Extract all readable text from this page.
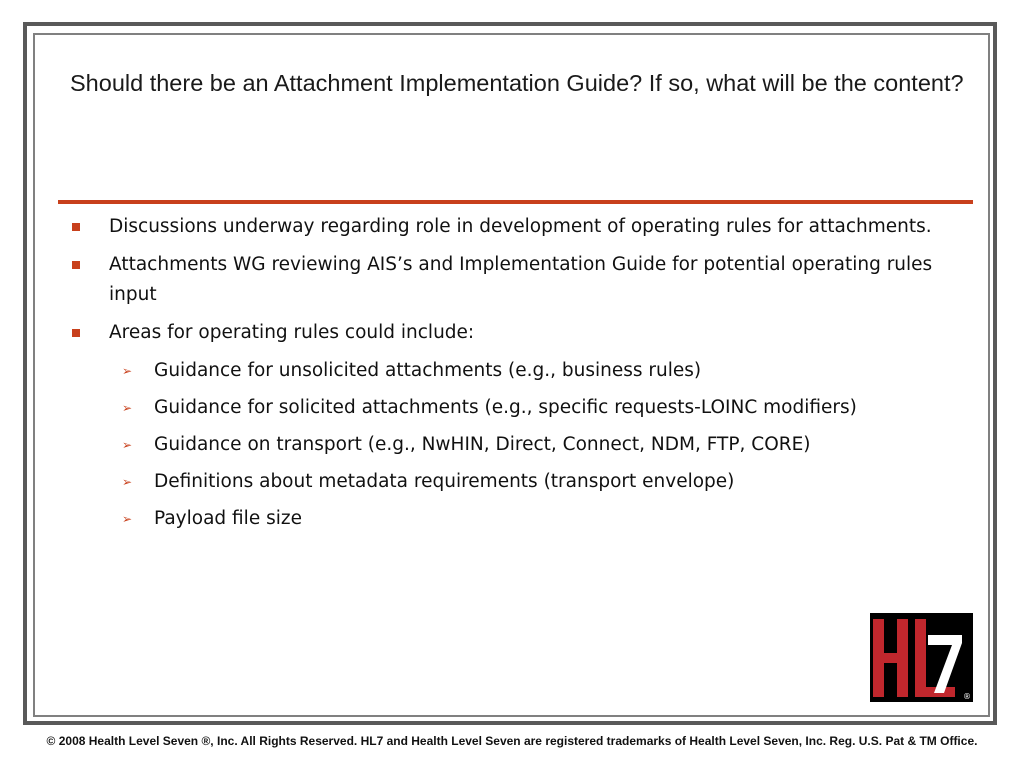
Should there be an Attachment Implementation Guide? If so, what will be the content?
Discussions underway regarding role in development of operating rules for attachments.
Attachments WG reviewing AIS’s and Implementation Guide for potential operating rules input
Areas for operating rules could include:
➢ Guidance for unsolicited attachments (e.g., business rules)
➢ Guidance for solicited attachments (e.g., specific requests-LOINC modifiers)
➢ Guidance on transport (e.g., NwHIN, Direct, Connect, NDM, FTP, CORE)
➢ Definitions about metadata requirements (transport envelope)
➢ Payload file size
®
© 2008 Health Level Seven ®, Inc. All Rights Reserved. HL7 and Health Level Seven are registered trademarks of Health Level Seven, Inc. Reg. U.S. Pat & TM Office.
